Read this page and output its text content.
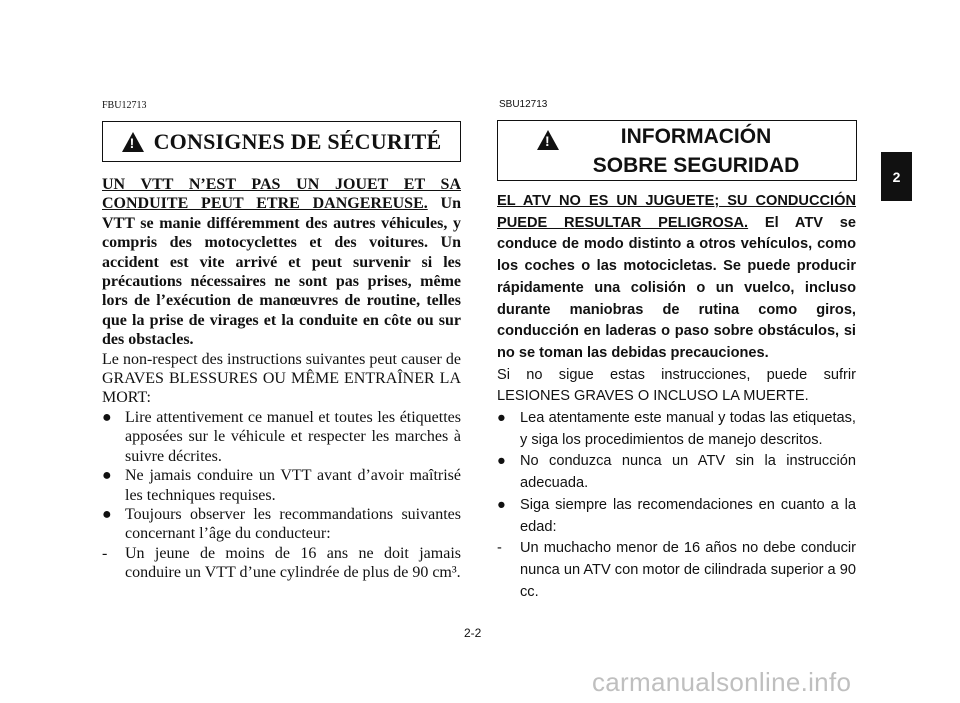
FBU12713
!
CONSIGNES DE SÉCURITÉ

UN VTT N’EST PAS UN JOUET ET SA CONDUITE PEUT ETRE DANGEREUSE. Un VTT se manie différemment des autres véhicules, y compris des motocyclettes et des voitures. Un accident est vite arrivé et peut survenir si les précautions nécessaires ne sont pas prises, même lors de l’exécution de manœuvres de routine, telles que la prise de virages et la conduite en côte ou sur des obstacles.

Le non-respect des instructions suivantes peut causer de GRAVES BLESSURES OU MÊME ENTRAÎNER LA MORT:

● Lire attentivement ce manuel et toutes les étiquettes apposées sur le véhicule et respecter les marches à suivre décrites.
● Ne jamais conduire un VTT avant d’avoir maîtrisé les techniques requises.
● Toujours observer les recommandations suivantes concernant l’âge du conducteur:
- Un jeune de moins de 16 ans ne doit jamais conduire un VTT d’une cylindrée de plus de 90 cm³.
SBU12713
!
INFORMACIÓN SOBRE SEGURIDAD

EL ATV NO ES UN JUGUETE; SU CONDUCCIÓN PUEDE RESULTAR PELIGROSA. El ATV se conduce de modo distinto a otros vehículos, como los coches o las motocicletas. Se puede producir rápidamente una colisión o un vuelco, incluso durante maniobras de rutina como giros, conducción en laderas o paso sobre obstáculos, si no se toman las debidas precauciones.

Si no sigue estas instrucciones, puede sufrir LESIONES GRAVES O INCLUSO LA MUERTE.

● Lea atentamente este manual y todas las etiquetas, y siga los procedimientos de manejo descritos.
● No conduzca nunca un ATV sin la instrucción adecuada.
● Siga siempre las recomendaciones en cuanto a la edad:
- Un muchacho menor de 16 años no debe conducir nunca un ATV con motor de cilindrada superior a 90 cc.
2-2
2
carmanualsonline.info
